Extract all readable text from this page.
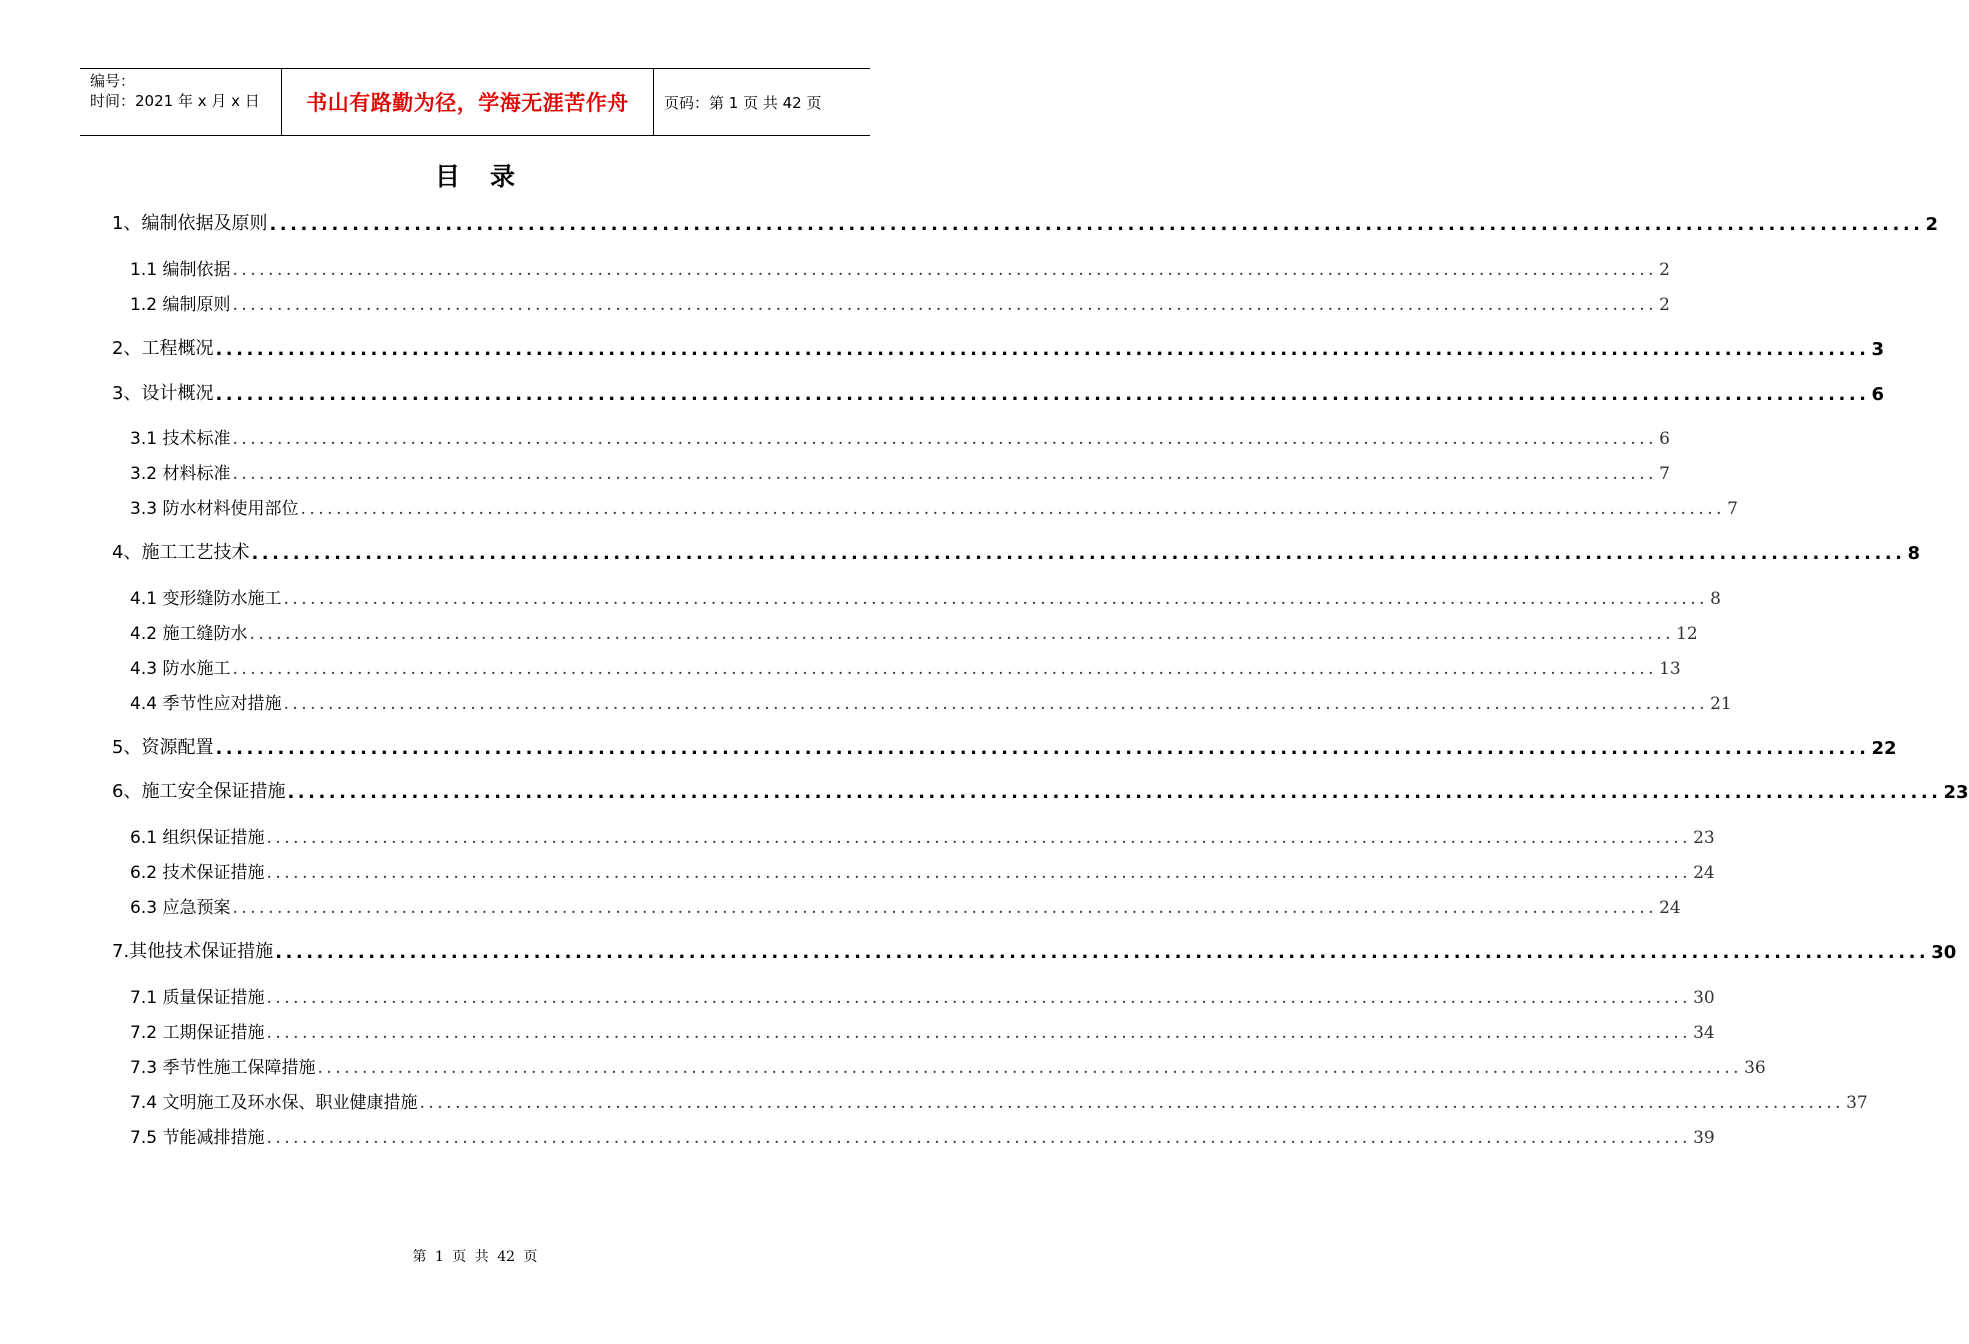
编号：
时间：2021 年 x 月 x 日	书山有路勤为径，学海无涯苦作舟 页码：第 1 页 共 42 页
目录
1、编制依据及原则 ................................................................................................................................................................ 2
1.1 编制依据 ................................................................................................................................................................ 2
1.2 编制原则 ................................................................................................................................................................ 2
2、工程概况 ................................................................................................................................................................ 3
3、设计概况 ................................................................................................................................................................ 6
3.1 技术标准 ................................................................................................................................................................ 6
3.2 材料标准 ................................................................................................................................................................ 7
3.3 防水材料使用部位 ................................................................................................................................................................ 7
4、施工工艺技术 ................................................................................................................................................................ 8
4.1 变形缝防水施工 ................................................................................................................................................................ 8
4.2 施工缝防水 ................................................................................................................................................................ 12
4.3 防水施工 ................................................................................................................................................................ 13
4.4 季节性应对措施 ................................................................................................................................................................ 21
5、资源配置 ................................................................................................................................................................ 22
6、施工安全保证措施 ................................................................................................................................................................ 23
6.1 组织保证措施 ................................................................................................................................................................ 23
6.2 技术保证措施 ................................................................................................................................................................ 24
6.3 应急预案 ................................................................................................................................................................ 24
7.其他技术保证措施 ................................................................................................................................................................ 30
7.1 质量保证措施 ................................................................................................................................................................ 30
7.2 工期保证措施 ................................................................................................................................................................ 34
7.3 季节性施工保障措施 ................................................................................................................................................................ 36
7.4 文明施工及环水保、职业健康措施 ................................................................................................................................................................ 37
7.5 节能减排措施 ................................................................................................................................................................ 39
第 1 页 共 42 页
